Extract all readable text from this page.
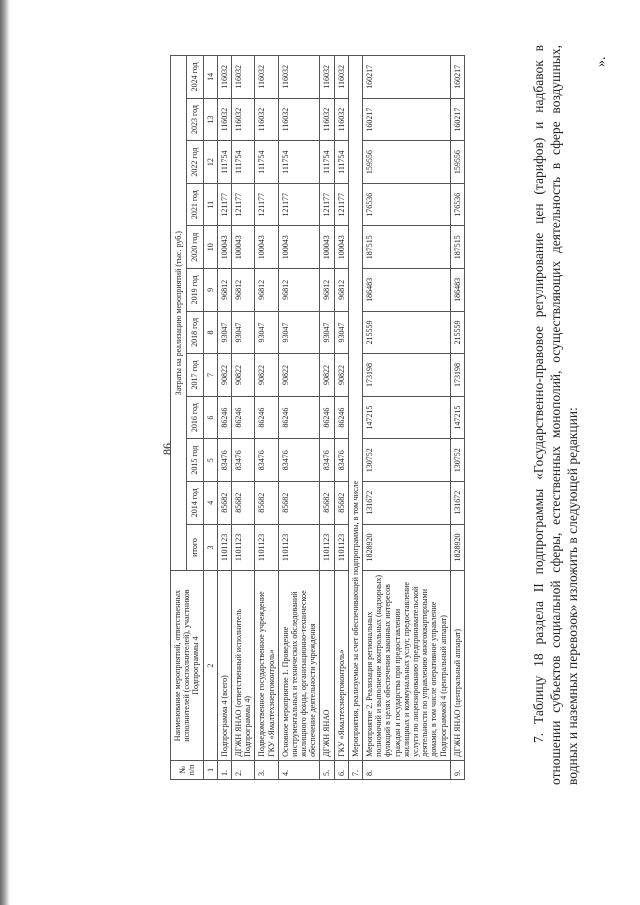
86
№ п/п	Наименование мероприятий, ответственных исполнителей (соисполнителей), участников Подпрограммы 4	Затраты на реализацию мероприятий (тыс. руб.)											
		итого	2014 год	2015 год	2016 год	2017 год	2018 год	2019 год	2020 год	2021 год	2022 год	2023 год	2024 год
1	2	3	4	5	6	7	8	9	10	11	12	13	14
1.	Подпрограмма 4 (всего)	1101123	85682	83476	86246	90822	93047	96812	100043	121177	111754	116032	116032
2.	ДГЖН ЯНАО (ответственный исполнитель Подпрограммы 4)	1101123	85682	83476	86246	90822	93047	96812	100043	121177	111754	116032	116032
3.	Подведомственное государственное учреждение ГКУ «Ямалтехэнергоконтроль»	1101123	85682	83476	86246	90822	93047	96812	100043	121177	111754	116032	116032
4.	Основное мероприятие 1. Проведение инструментальных и технических обследований жилищного фонда, организационно-техническое обеспечение деятельности учреждения	1101123	85682	83476	86246	90822	93047	96812	100043	121177	111754	116032	116032
5.	ДГЖН ЯНАО	1101123	85682	83476	86246	90822	93047	96812	100043	121177	111754	116032	116032
6.	ГКУ «Ямалтехэнергоконтроль»	1101123	85682	83476	86246	90822	93047	96812	100043	121177	111754	116032	116032
7.	Мероприятия, реализуемые за счет обеспечивающей подпрограммы, в том числе												
8.	Мероприятие 2. Реализация региональных полномочий и выполнение контрольных (надзорных) функций в целях обеспечения законных интересов граждан и государства при предоставлении жилищных и коммунальных услуг, предоставление услуги по лицензированию предпринимательской деятельности по управлению многоквартирными домами, в том числе оперативное управление Подпрограммой 4 (центральный аппарат)	1828920	131672	130752	147215	173198	215559	186483	187515	176536	159556	160217	160217
9.	ДГЖН ЯНАО (центральный аппарат)	1828920	131672	130752	147215	173198	215559	186483	187515	176536	159556	160217	160217
».
7. Таблицу 18 раздела II подпрограммы «Государственно-правовое регулирование цен (тарифов) и надбавок в отношении субъектов социальной сферы, естественных монополий, осуществляющих деятельность в сфере воздушных, водных и наземных перевозок» изложить в следующей редакции:
